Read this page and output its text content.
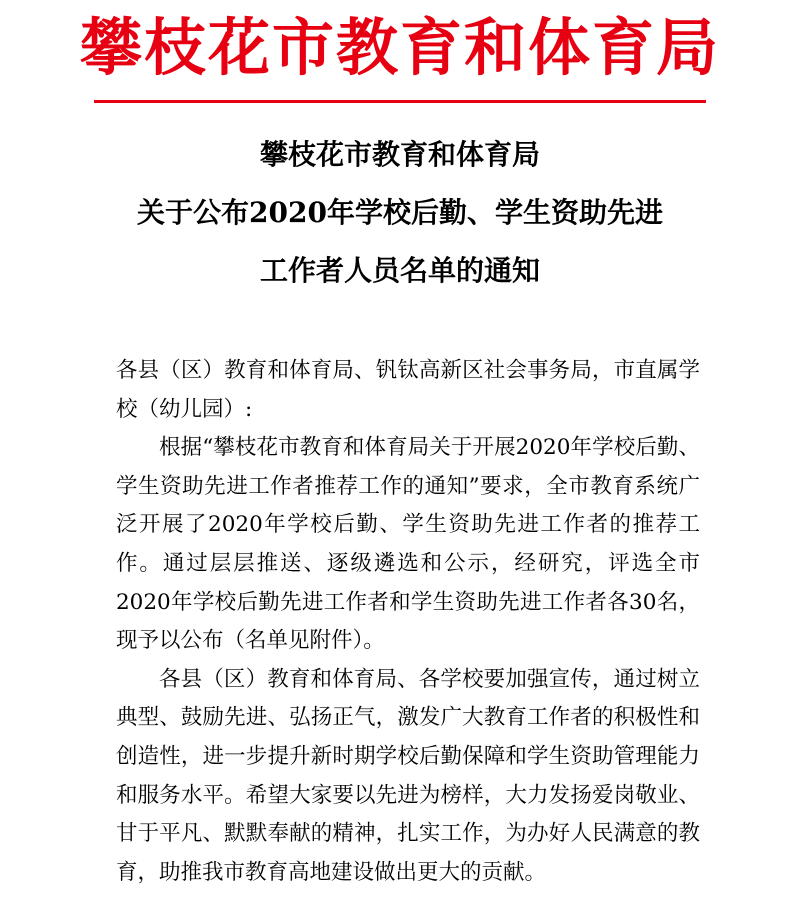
攀枝花市教育和体育局
攀枝花市教育和体育局
关于公布2020年学校后勤、学生资助先进
工作者人员名单的通知

各县（区）教育和体育局、钒钛高新区社会事务局，市直属学校（幼儿园）:

根据“攀枝花市教育和体育局关于开展2020年学校后勤、学生资助先进工作者推荐工作的通知”要求，全市教育系统广泛开展了2020年学校后勤、学生资助先进工作者的推荐工作。通过层层推送、逐级遴选和公示，经研究，评选全市2020年学校后勤先进工作者和学生资助先进工作者各30名，现予以公布（名单见附件）。

各县（区）教育和体育局、各学校要加强宣传，通过树立典型、鼓励先进、弘扬正气，激发广大教育工作者的积极性和创造性，进一步提升新时期学校后勤保障和学生资助管理能力和服务水平。希望大家要以先进为榜样，大力发扬爱岗敬业、甘于平凡、默默奉献的精神，扎实工作，为办好人民满意的教育，助推我市教育高地建设做出更大的贡献。
